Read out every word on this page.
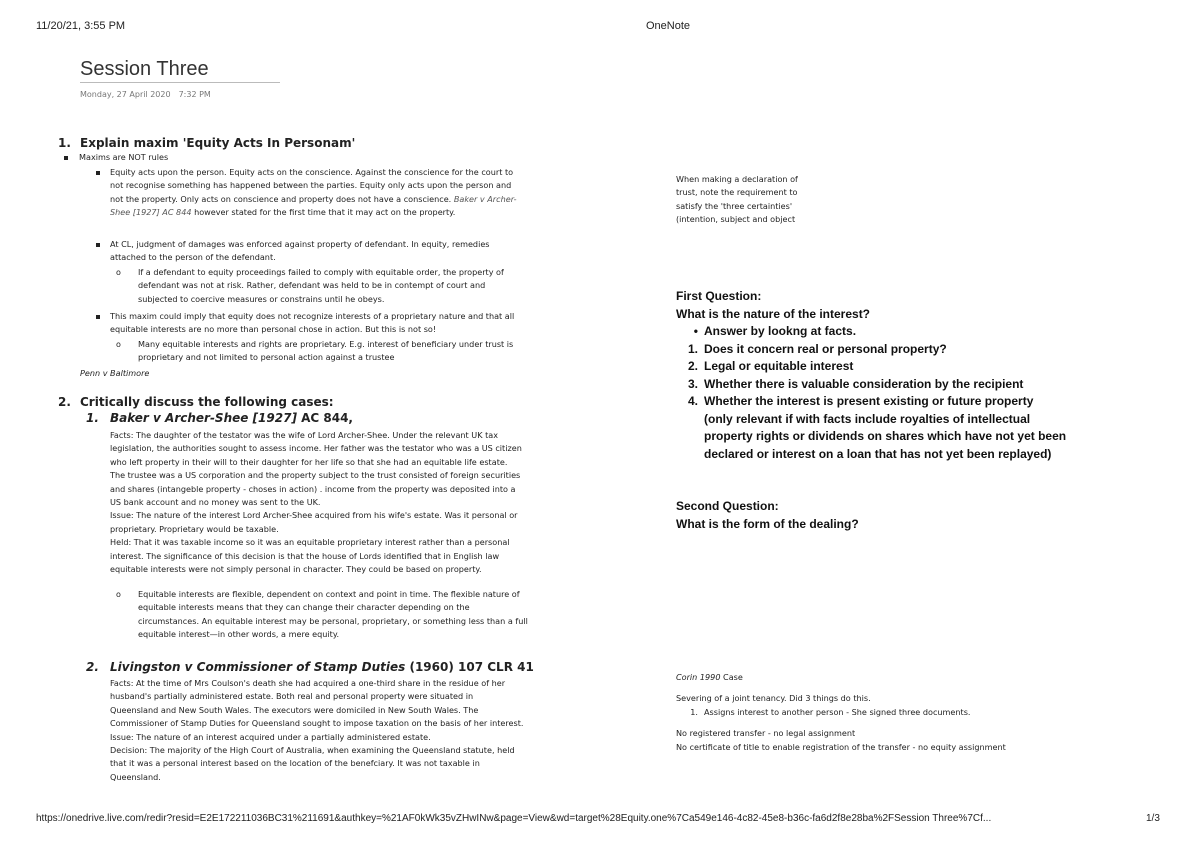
11/20/21, 3:55 PM	OneNote
Session Three
Monday, 27 April 2020 7:32 PM
1. Explain maxim 'Equity Acts In Personam'
Maxims are NOT rules

Equity acts upon the person. Equity acts on the conscience. Against the conscience for the court to

not recognise something has happened between the parties. Equity only acts upon the person and

not the property. Only acts on conscience and property does not have a conscience. Baker v Archer-

Shee [1927] AC 844 however stated for the first time that it may act on the property.

At CL, judgment of damages was enforced against property of defendant. In equity, remedies

attached to the person of the defendant.

o If a defendant to equity proceedings failed to comply with equitable order, the property of

defendant was not at risk. Rather, defendant was held to be in contempt of court and

subjected to coercive measures or constrains until he obeys.

This maxim could imply that equity does not recognize interests of a proprietary nature and that all

equitable interests are no more than personal chose in action. But this is not so!

o Many equitable interests and rights are proprietary. E.g. interest of beneficiary under trust is

proprietary and not limited to personal action against a trustee

Penn v Baltimore
2. Critically discuss the following cases:
1. Baker v Archer-Shee [1927] AC 844,

Facts: The daughter of the testator was the wife of Lord Archer-Shee. Under the relevant UK tax

legislation, the authorities sought to assess income. Her father was the testator who was a US citizen

who left property in their will to their daughter for her life so that she had an equitable life estate.

The trustee was a US corporation and the property subject to the trust consisted of foreign securities

and shares (intangeble property - choses in action) . income from the property was deposited into a

US bank account and no money was sent to the UK.

Issue: The nature of the interest Lord Archer-Shee acquired from his wife's estate. Was it personal or

proprietary. Proprietary would be taxable.

Held: That it was taxable income so it was an equitable proprietary interest rather than a personal

interest. The significance of this decision is that the house of Lords identified that in English law

equitable interests were not simply personal in character. They could be based on property.

o Equitable interests are flexible, dependent on context and point in time. The flexible nature of

equitable interests means that they can change their character depending on the

circumstances. An equitable interest may be personal, proprietary, or something less than a full

equitable interest—in other words, a mere equity.

2. Livingston v Commissioner of Stamp Duties (1960) 107 CLR 41

Facts: At the time of Mrs Coulson's death she had acquired a one-third share in the residue of her

husband's partially administered estate. Both real and personal property were situated in

Queensland and New South Wales. The executors were domiciled in New South Wales. The

Commissioner of Stamp Duties for Queensland sought to impose taxation on the basis of her interest.

Issue: The nature of an interest acquired under a partially administered estate.

Decision: The majority of the High Court of Australia, when examining the Queensland statute, held

that it was a personal interest based on the location of the benefciary. It was not taxable in

Queensland.

When making a declaration of

trust, note the requirement to

satisfy the 'three certainties'

(intention, subject and object

First Question:
What is the nature of the interest?
• Answer by lookng at facts.
1. Does it concern real or personal property?
2. Legal or equitable interest
3. Whether there is valuable consideration by the recipient
4. Whether the interest is present existing or future property
(only relevant if with facts include royalties of intellectual
property rights or dividends on shares which have not yet been
declared or interest on a loan that has not yet been replayed)
Second Question:
What is the form of the dealing?

Corin 1990 Case

Severing of a joint tenancy. Did 3 things do this.

1. Assigns interest to another person - She signed three documents.

No registered transfer - no legal assignment

No certificate of title to enable registration of the transfer - no equity assignment

https://onedrive.live.com/redir?resid=E2E172211036BC31%211691&authkey=%21AF0kWk35vZHwINw&page=View&wd=target%28Equity.one%7Ca549e146-4c82-45e8-b36c-fa6d2f8e28ba%2FSession Three%7Cf...	1/3
